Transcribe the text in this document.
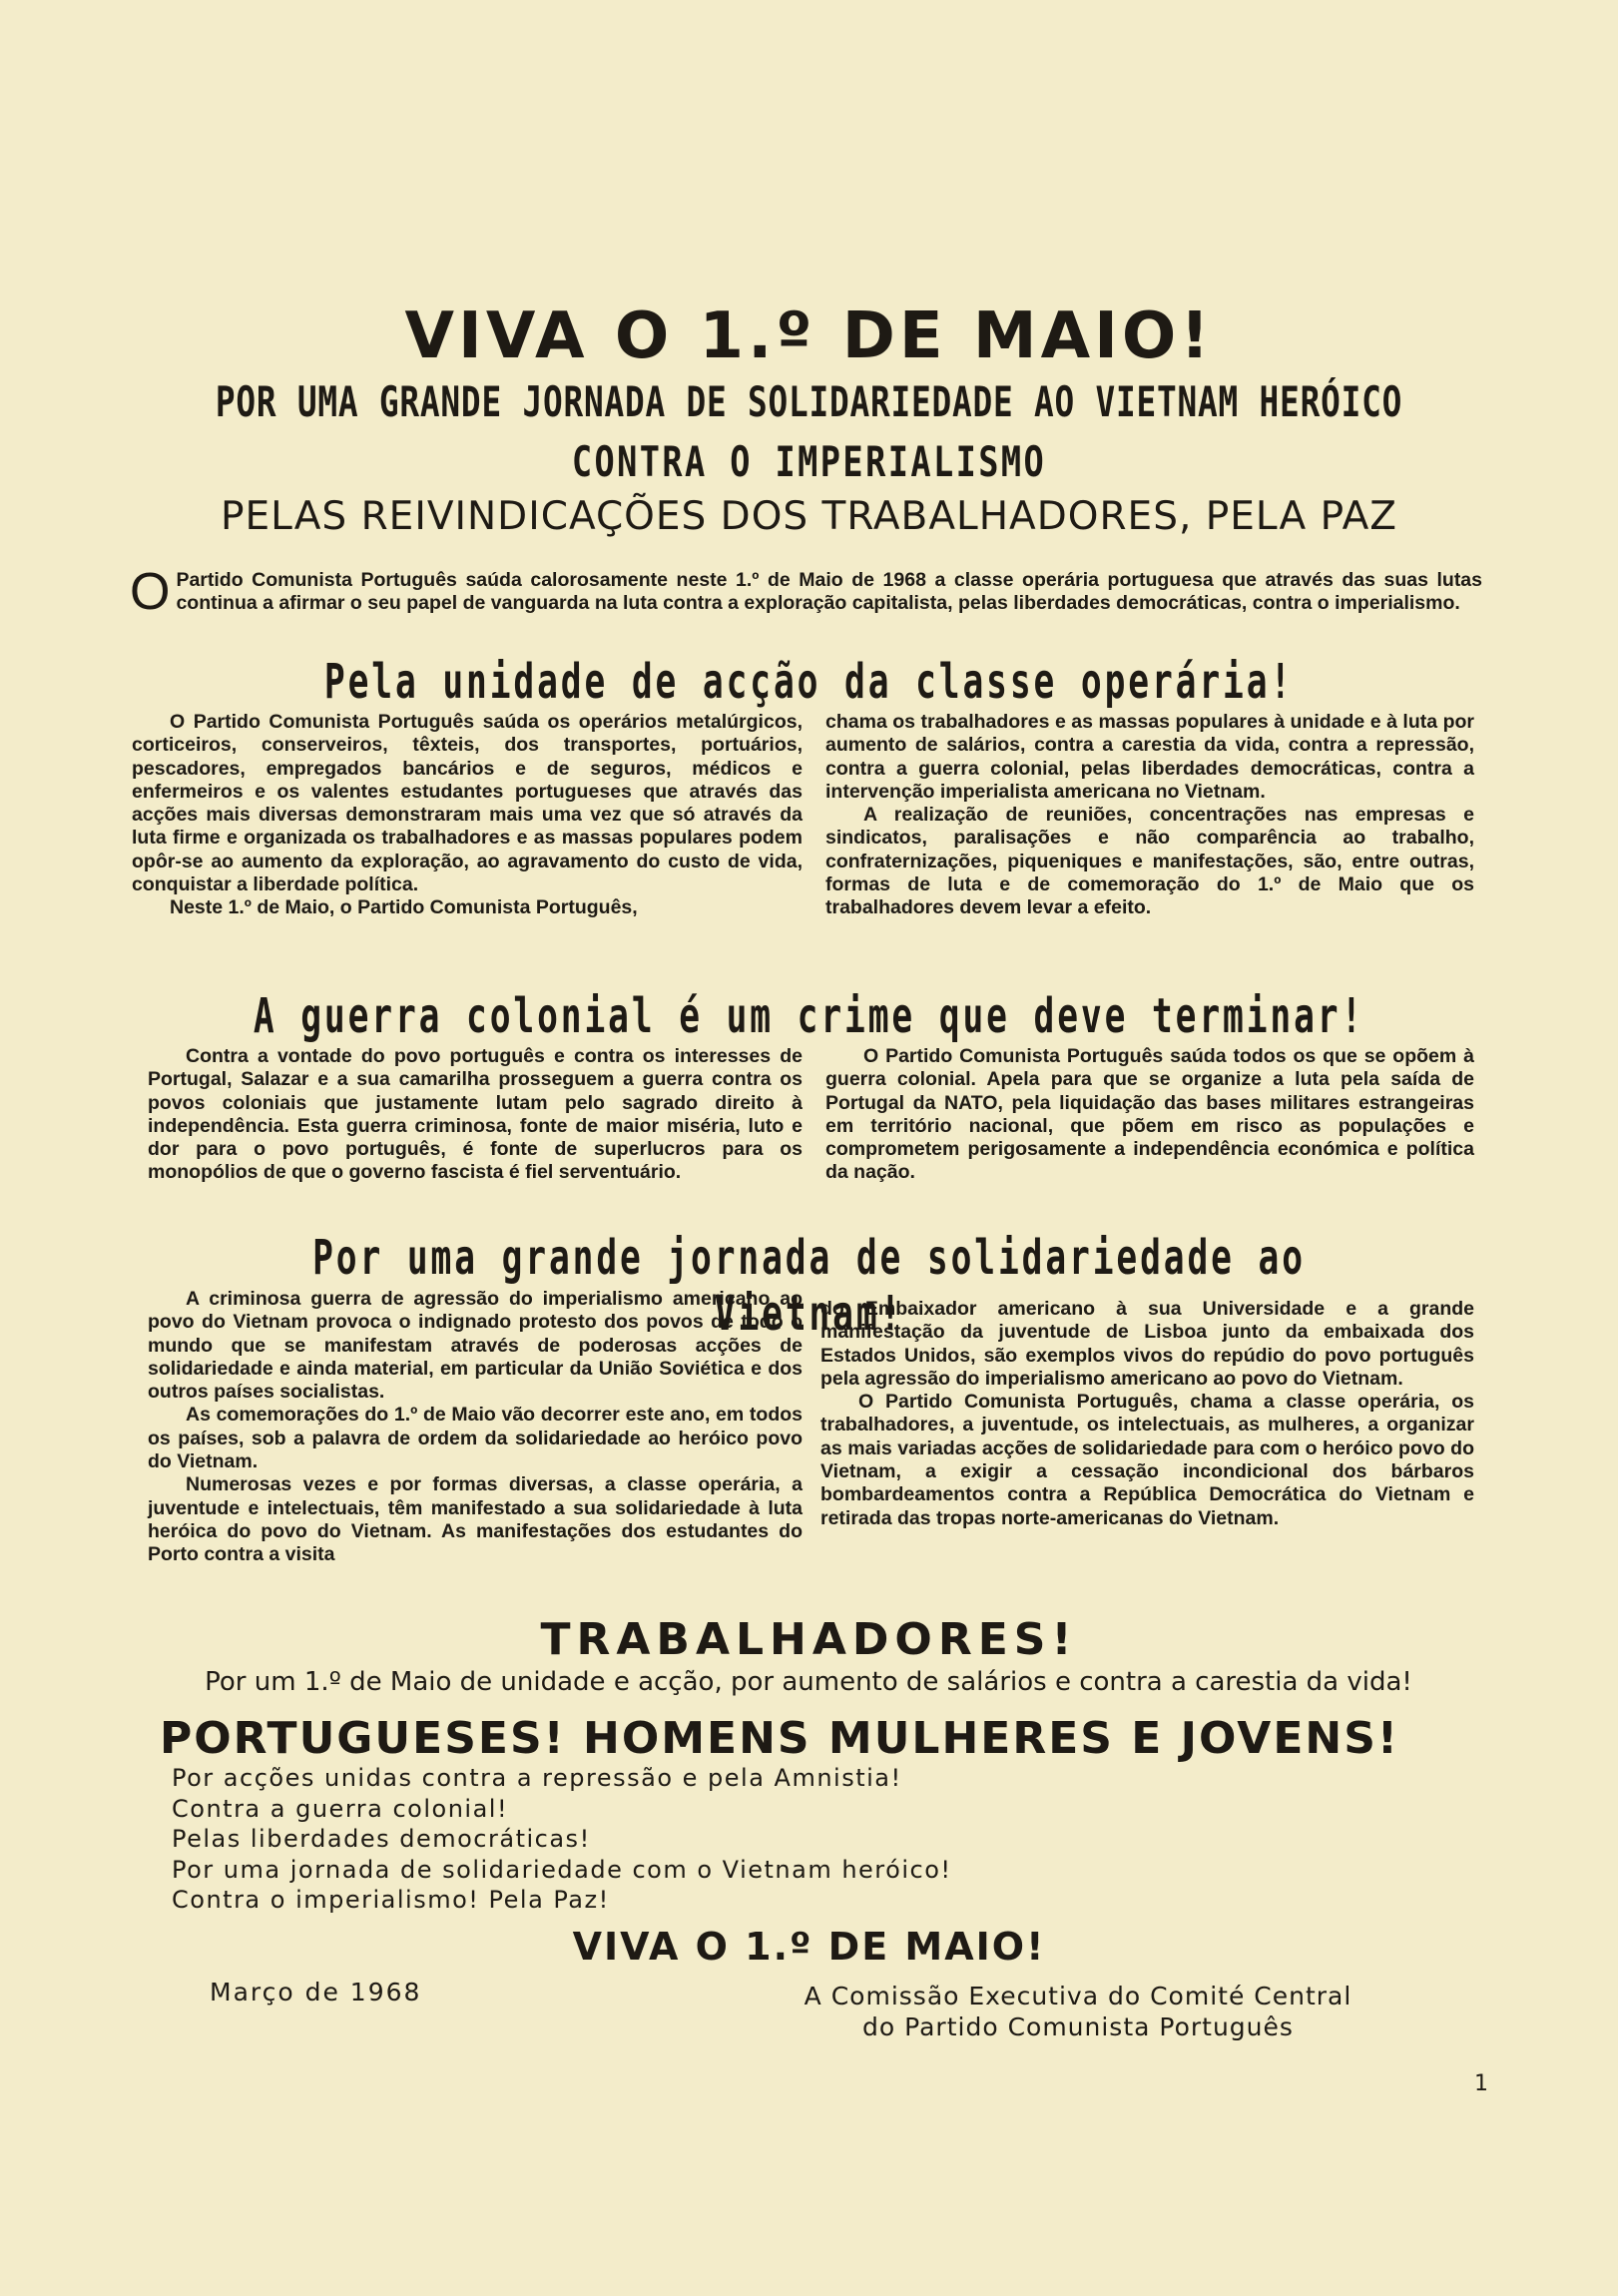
VIVA O 1.º DE MAIO!
POR UMA GRANDE JORNADA DE SOLIDARIEDADE AO VIETNAM HERÓICO
CONTRA O IMPERIALISMO
PELAS REIVINDICAÇÕES DOS TRABALHADORES, PELA PAZ
O Partido Comunista Português saúda calorosamente neste 1.º de Maio de 1968 a classe operária portuguesa que através das suas lutas continua a afirmar o seu papel de vanguarda na luta contra a exploração capitalista, pelas liberdades democráticas, contra o imperialismo.
Pela unidade de acção da classe operária!

O Partido Comunista Português saúda os operários metalúrgicos, corticeiros, conserveiros, têxteis, dos transportes, portuários, pescadores, empregados bancários e de seguros, médicos e enfermeiros e os valentes estudantes portugueses que através das acções mais diversas demonstraram mais uma vez que só através da luta firme e organizada os trabalhadores e as massas populares podem opôr-se ao aumento da exploração, ao agravamento do custo de vida, conquistar a liberdade política.

Neste 1.º de Maio, o Partido Comunista Português,

chama os trabalhadores e as massas populares à unidade e à luta por aumento de salários, contra a carestia da vida, contra a repressão, contra a guerra colonial, pelas liberdades democráticas, contra a intervenção imperialista americana no Vietnam.

A realização de reuniões, concentrações nas empresas e sindicatos, paralisações e não comparência ao trabalho, confraternizações, piqueniques e manifestações, são, entre outras, formas de luta e de comemoração do 1.º de Maio que os trabalhadores devem levar a efeito.

A guerra colonial é um crime que deve terminar!

Contra a vontade do povo português e contra os interesses de Portugal, Salazar e a sua camarilha prosseguem a guerra contra os povos coloniais que justamente lutam pelo sagrado direito à independência. Esta guerra criminosa, fonte de maior miséria, luto e dor para o povo português, é fonte de superlucros para os monopólios de que o governo fascista é fiel serventuário.

O Partido Comunista Português saúda todos os que se opõem à guerra colonial. Apela para que se organize a luta pela saída de Portugal da NATO, pela liquidação das bases militares estrangeiras em território nacional, que põem em risco as populações e comprometem perigosamente a independência económica e política da nação.

Por uma grande jornada de solidariedade ao Vietnam!

A criminosa guerra de agressão do imperialismo americano ao povo do Vietnam provoca o indignado protesto dos povos de todo o mundo que se manifestam através de poderosas acções de solidariedade e ainda material, em particular da União Soviética e dos outros países socialistas.

As comemorações do 1.º de Maio vão decorrer este ano, em todos os países, sob a palavra de ordem da solidariedade ao heróico povo do Vietnam.

Numerosas vezes e por formas diversas, a classe operária, a juventude e intelectuais, têm manifestado a sua solidariedade à luta heróica do povo do Vietnam. As manifestações dos estudantes do Porto contra a visita

do Embaixador americano à sua Universidade e a grande manifestação da juventude de Lisboa junto da embaixada dos Estados Unidos, são exemplos vivos do repúdio do povo português pela agressão do imperialismo americano ao povo do Vietnam.

O Partido Comunista Português, chama a classe operária, os trabalhadores, a juventude, os intelectuais, as mulheres, a organizar as mais variadas acções de solidariedade para com o heróico povo do Vietnam, a exigir a cessação incondicional dos bárbaros bombardeamentos contra a República Democrática do Vietnam e retirada das tropas norte-americanas do Vietnam.

TRABALHADORES!
Por um 1.º de Maio de unidade e acção, por aumento de salários e contra a carestia da vida!
PORTUGUESES! HOMENS MULHERES E JOVENS!
Por acções unidas contra a repressão e pela Amnistia!
Contra a guerra colonial!
Pelas liberdades democráticas!
Por uma jornada de solidariedade com o Vietnam heróico!
Contra o imperialismo! Pela Paz!
VIVA O 1.º DE MAIO!
Março de 1968	A Comissão Executiva do Comité Central
do Partido Comunista Português
1
